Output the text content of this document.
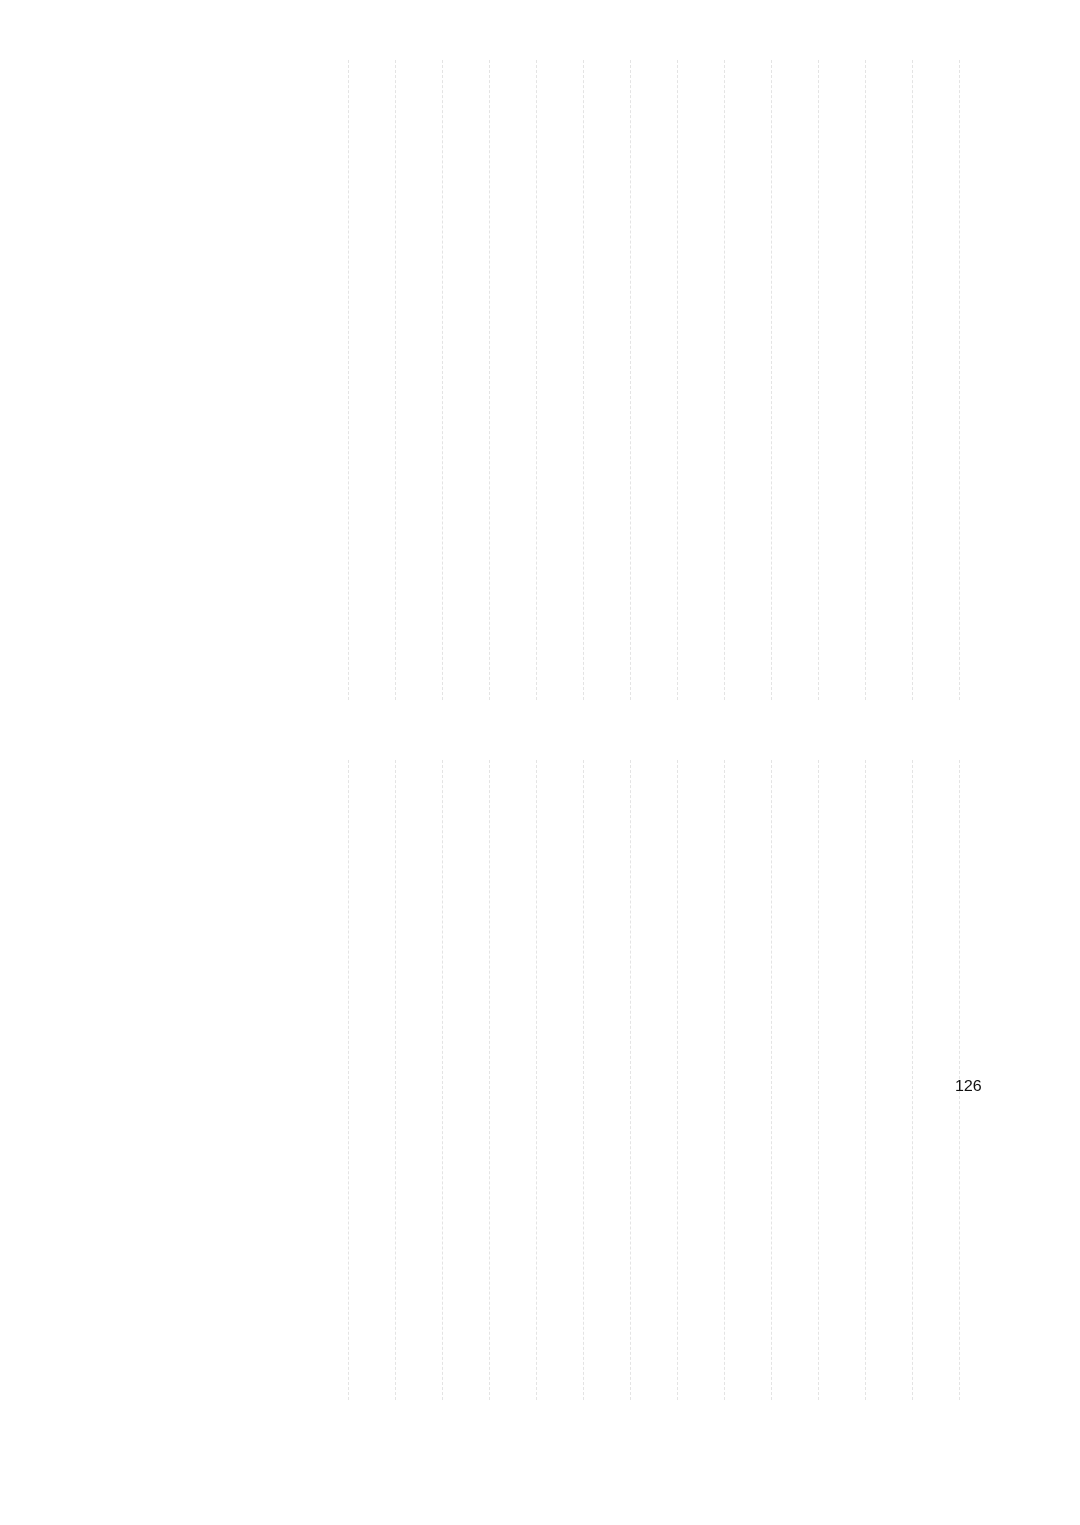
126
